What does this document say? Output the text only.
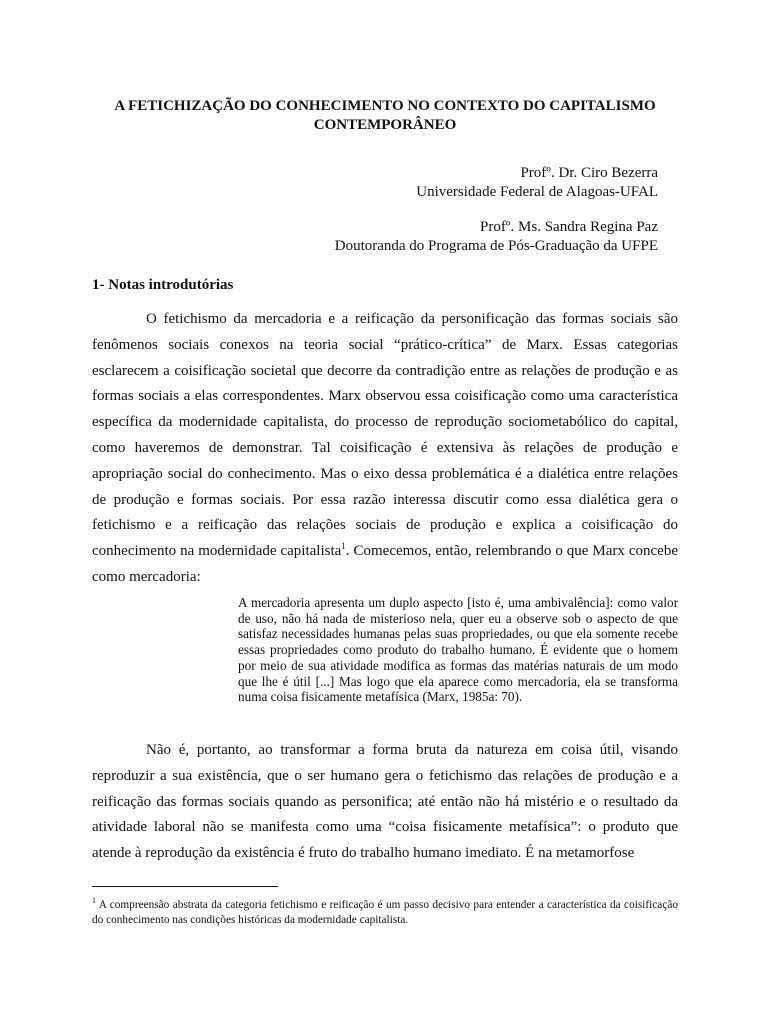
A FETICHIZAÇÃO DO CONHECIMENTO NO CONTEXTO DO CAPITALISMO
CONTEMPORÂNEO

Profº. Dr. Ciro Bezerra
Universidade Federal de Alagoas-UFAL

Profº. Ms. Sandra Regina Paz
Doutoranda do Programa de Pós-Graduação da UFPE

1- Notas introdutórias

O fetichismo da mercadoria e a reificação da personificação das formas sociais são fenômenos sociais conexos na teoria social “prático-crítica” de Marx. Essas categorias esclarecem a coisificação societal que decorre da contradição entre as relações de produção e as formas sociais a elas correspondentes. Marx observou essa coisificação como uma característica específica da modernidade capitalista, do processo de reprodução sociometabólico do capital, como haveremos de demonstrar. Tal coisificação é extensiva às relações de produção e apropriação social do conhecimento. Mas o eixo dessa problemática é a dialética entre relações de produção e formas sociais. Por essa razão interessa discutir como essa dialética gera o fetichismo e a reificação das relações sociais de produção e explica a coisificação do conhecimento na modernidade capitalista$^1$. Comecemos, então, relembrando o que Marx concebe como mercadoria:

A mercadoria apresenta um duplo aspecto [isto é, uma ambivalência]: como valor de uso, não há nada de misterioso nela, quer eu a observe sob o aspecto de que satisfaz necessidades humanas pelas suas propriedades, ou que ela somente recebe essas propriedades como produto do trabalho humano. É evidente que o homem por meio de sua atividade modifica as formas das matérias naturais de um modo que lhe é útil [...] Mas logo que ela aparece como mercadoria, ela se transforma numa coisa fisicamente metafísica (Marx, 1985a: 70).

Não é, portanto, ao transformar a forma bruta da natureza em coisa útil, visando reproduzir a sua existência, que o ser humano gera o fetichismo das relações de produção e a reificação das formas sociais quando as personifica; até então não há mistério e o resultado da atividade laboral não se manifesta como uma “coisa fisicamente metafísica”: o produto que atende à reprodução da existência é fruto do trabalho humano imediato. É na metamorfose

$^1$ A compreensão abstrata da categoria fetichismo e reificação é um passo decisivo para entender a característica da coisificação do conhecimento nas condições históricas da modernidade capitalista.
